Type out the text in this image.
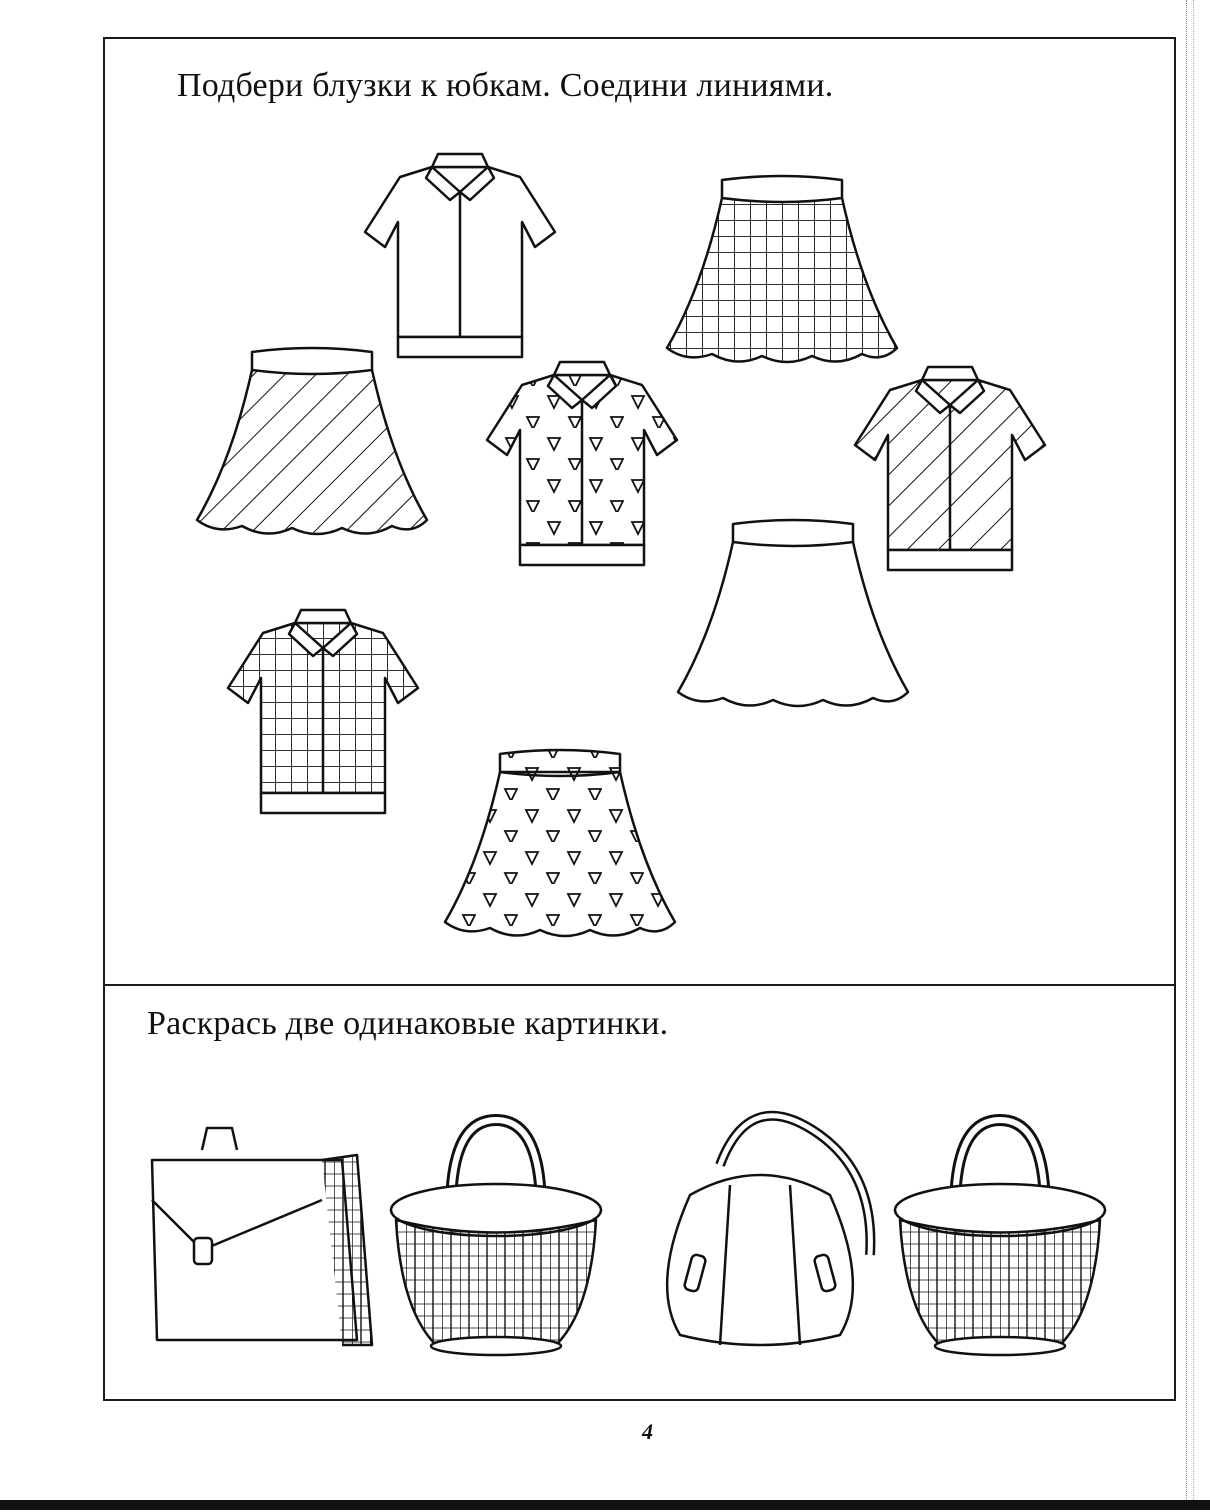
Подбери блузки к юбкам. Соедини линиями.
Раскрась две одинаковые картинки.
4
